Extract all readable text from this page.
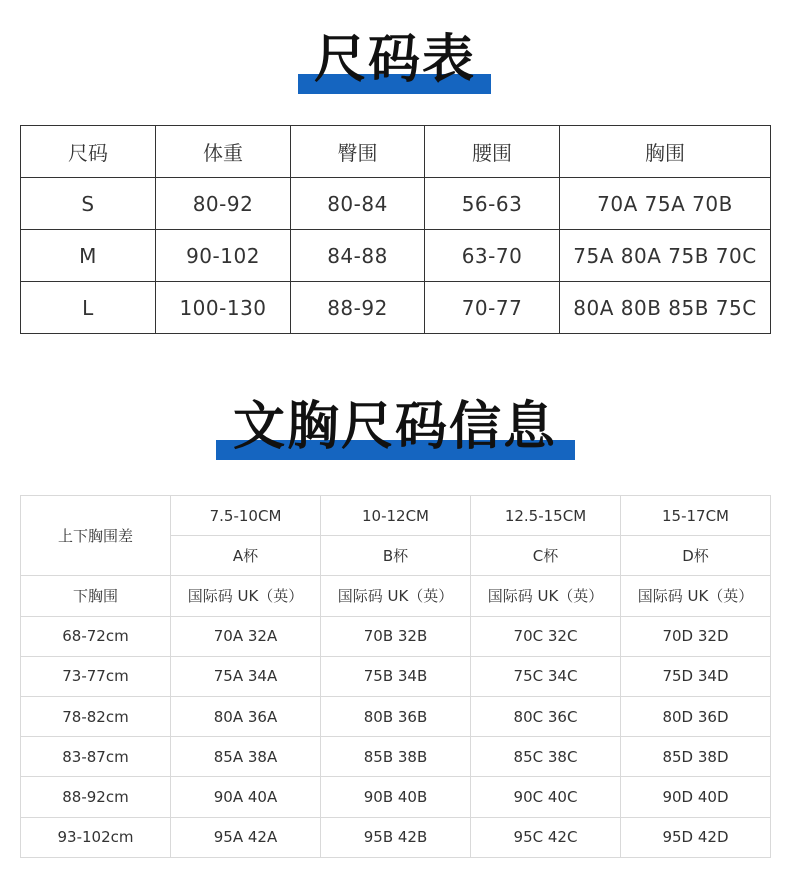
尺码表
尺码	体重	臀围	腰围	胸围
S	80-92	80-84	56-63	70A 75A 70B
M	90-102	84-88	63-70	75A 80A 75B 70C
L	100-130	88-92	70-77	80A 80B 85B 75C
文胸尺码信息
上下胸围差	7.5-10CM	10-12CM	12.5-15CM	15-17CM
	A杯	B杯	C杯	D杯
下胸围	国际码 UK（英）	国际码 UK（英）	国际码 UK（英）	国际码 UK（英）
68-72cm	70A 32A	70B 32B	70C 32C	70D 32D
73-77cm	75A 34A	75B 34B	75C 34C	75D 34D
78-82cm	80A 36A	80B 36B	80C 36C	80D 36D
83-87cm	85A 38A	85B 38B	85C 38C	85D 38D
88-92cm	90A 40A	90B 40B	90C 40C	90D 40D
93-102cm	95A 42A	95B 42B	95C 42C	95D 42D
